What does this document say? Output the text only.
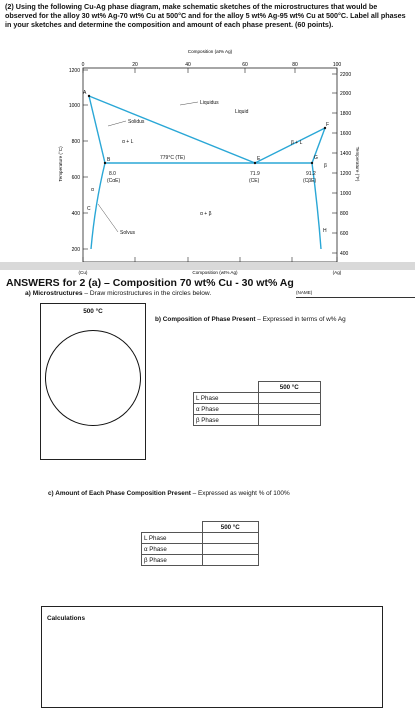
(2) Using the following Cu-Ag phase diagram, make schematic sketches of the microstructures that would be observed for the alloy 30 wt% Ag-70 wt% Cu at 500°C and for the alloy 5 wt% Ag-95 wt% Cu at 500°C. Label all phases in your sketches and determine the composition and amount of each phase present. (60 points).
Composition (at% Ag)
0	20	40	60	80	100
1200
1000
800
600
400
200
Temperature (°C)
2200
2000
1800
1600
1400
1200
1000
800
600
400
Temperature (°F)
(Cu)	Composition (wt% Ag)	(Ag)
Liquidus
Solidus
Solvus
Liquid
α + L	β + L
α + β
α
β
779°C (TE)
8.0
(CαE)
71.9
(CE)
91.2
(CβE)
A
B
C
E
F
G
H
ANSWERS for 2 (a) – Composition 70 wt% Cu - 30 wt% Ag
a) Microstructures – Draw microstructures in the circles below.	(NAME)
500 °C
b) Composition of Phase Present – Expressed in terms of w% Ag
	500 °C
L Phase	
α Phase	
β Phase	
c) Amount of Each Phase Composition Present – Expressed as weight % of 100%
	500 °C
L Phase	
α Phase	
β Phase	
Calculations
